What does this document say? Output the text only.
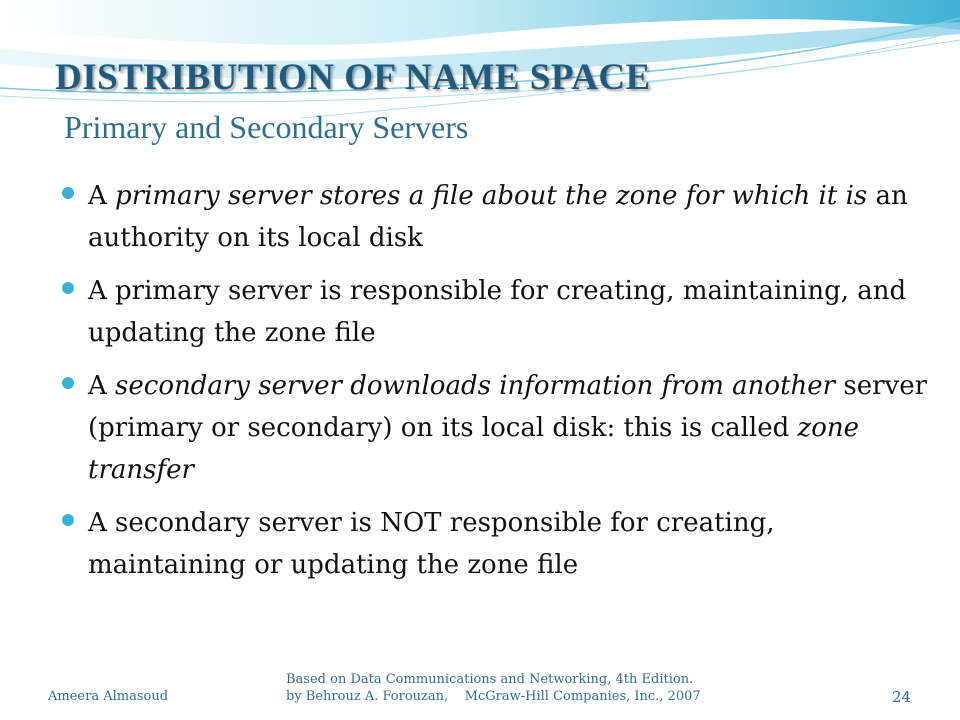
DISTRIBUTION OF NAME SPACE
Primary and Secondary Servers
A primary server stores a file about the zone for which it is an authority on its local disk
A primary server is responsible for creating, maintaining, and updating the zone file
A secondary server downloads information from another server (primary or secondary) on its local disk: this is called zone transfer
A secondary server is NOT responsible for creating, maintaining or updating the zone file
Ameera Almasoud
Based on Data Communications and Networking, 4th Edition.
by Behrouz A. Forouzan,    McGraw-Hill Companies, Inc., 2007	24
